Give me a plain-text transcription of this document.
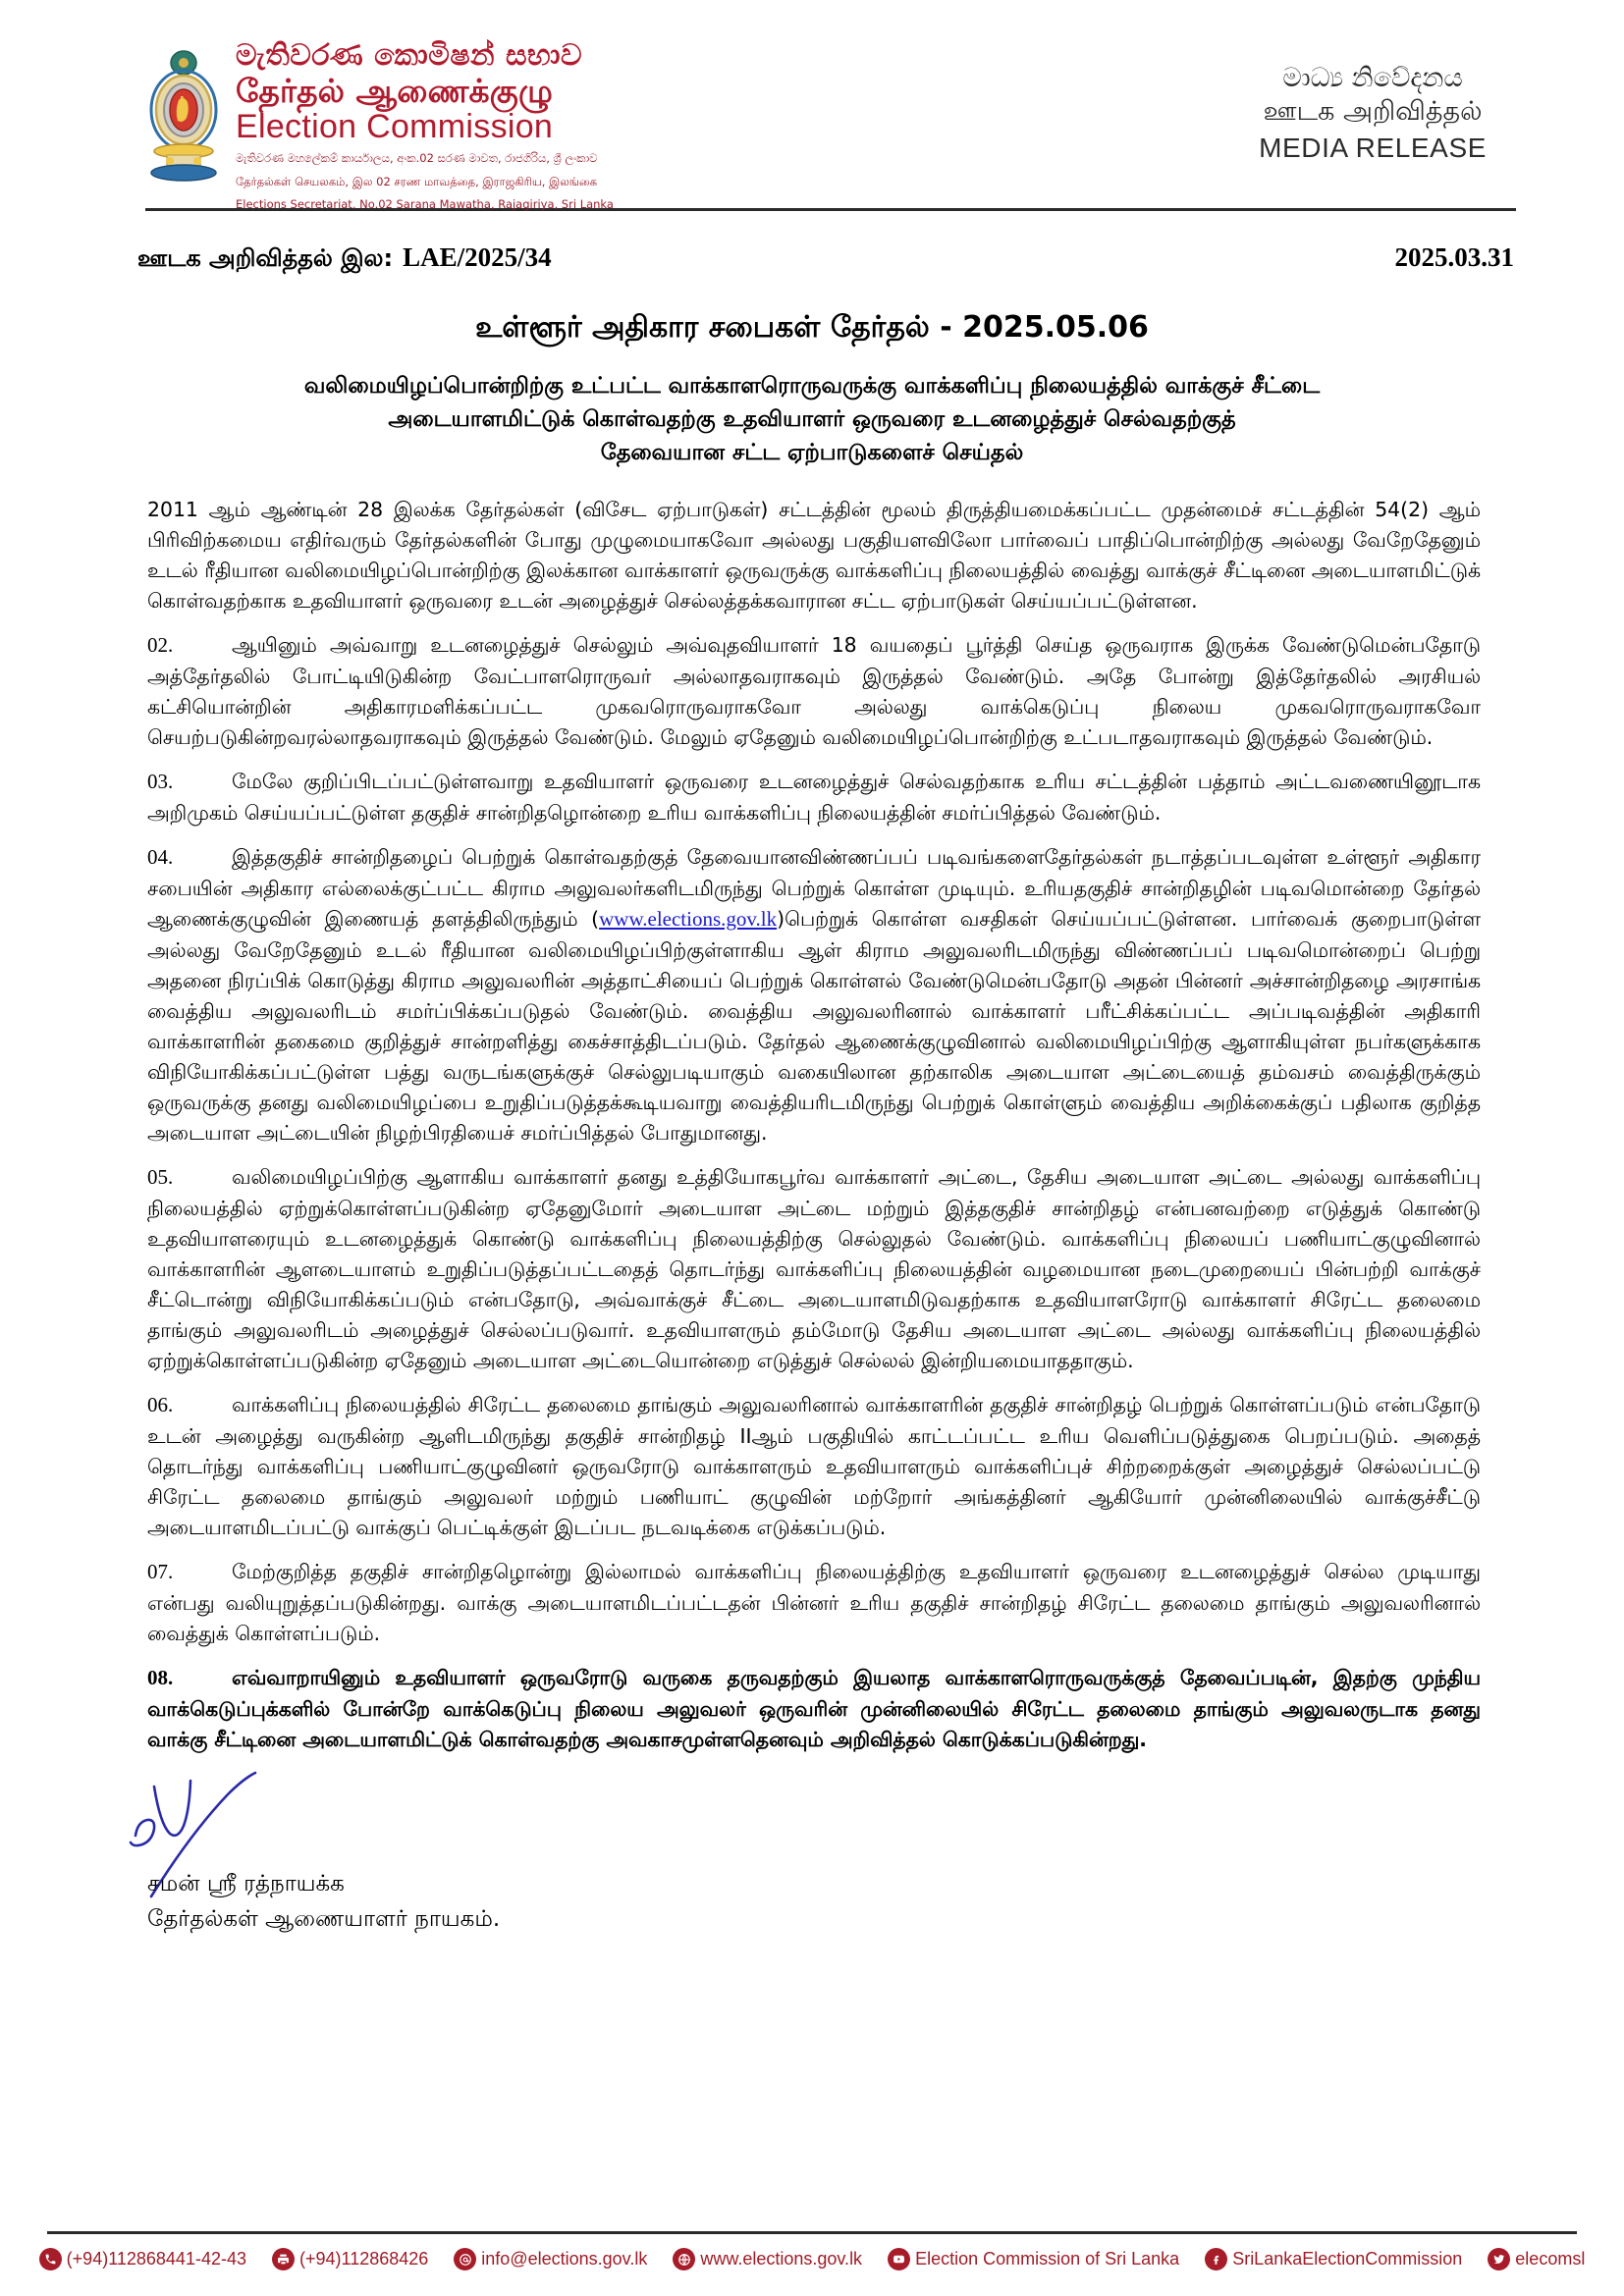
මැතිවරණ කොමිෂන් සභාව
தேர்தல் ஆணைக்குழு
Election Commission
මැතිවරණ මහලේකම් කාර්යාලය, අංක.02 සරණ මාවත, රාජගිරිය, ශ්‍රී ලංකාව
தேர்தல்கள் செயலகம், இல 02 சரண மாவத்தை, இராஜகிரிய, இலங்கை
Elections Secretariat, No.02 Sarana Mawatha, Rajagiriya, Sri Lanka
මාධ්‍ය නිවේදනය
ஊடக அறிவித்தல்
MEDIA RELEASE
ஊடக அறிவித்தல் இல: LAE/2025/34	2025.03.31
உள்ளூர் அதிகார சபைகள் தேர்தல் - 2025.05.06
வலிமையிழப்பொன்றிற்கு உட்பட்ட வாக்காளரொருவருக்கு வாக்களிப்பு நிலையத்தில் வாக்குச் சீட்டை
அடையாளமிட்டுக் கொள்வதற்கு உதவியாளர் ஒருவரை உடனழைத்துச் செல்வதற்குத்
தேவையான சட்ட ஏற்பாடுகளைச் செய்தல்

2011 ஆம் ஆண்டின் 28 இலக்க தேர்தல்கள் (விசேட ஏற்பாடுகள்) சட்டத்தின் மூலம் திருத்தியமைக்கப்பட்ட முதன்மைச் சட்டத்தின் 54(2) ஆம் பிரிவிற்கமைய எதிர்வரும் தேர்தல்களின் போது முழுமையாகவோ அல்லது பகுதியளவிலோ பார்வைப் பாதிப்பொன்றிற்கு அல்லது வேறேதேனும் உடல் ரீதியான வலிமையிழப்பொன்றிற்கு இலக்கான வாக்காளர் ஒருவருக்கு வாக்களிப்பு நிலையத்தில் வைத்து வாக்குச் சீட்டினை அடையாளமிட்டுக் கொள்வதற்காக உதவியாளர் ஒருவரை உடன் அழைத்துச் செல்லத்தக்கவாரான சட்ட ஏற்பாடுகள் செய்யப்பட்டுள்ளன.

02.	ஆயினும் அவ்வாறு உடனழைத்துச் செல்லும் அவ்வுதவியாளர் 18 வயதைப் பூர்த்தி செய்த ஒருவராக இருக்க வேண்டுமென்பதோடு அத்தேர்தலில் போட்டியிடுகின்ற வேட்பாளரொருவர் அல்லாதவராகவும் இருத்தல் வேண்டும். அதே போன்று இத்தேர்தலில் அரசியல் கட்சியொன்றின் அதிகாரமளிக்கப்பட்ட முகவரொருவராகவோ அல்லது வாக்கெடுப்பு நிலைய முகவரொருவராகவோ செயற்படுகின்றவரல்லாதவராகவும் இருத்தல் வேண்டும். மேலும் ஏதேனும் வலிமையிழப்பொன்றிற்கு உட்படாதவராகவும் இருத்தல் வேண்டும்.

03.	மேலே குறிப்பிடப்பட்டுள்ளவாறு உதவியாளர் ஒருவரை உடனழைத்துச் செல்வதற்காக உரிய சட்டத்தின் பத்தாம் அட்டவணையினூடாக அறிமுகம் செய்யப்பட்டுள்ள தகுதிச் சான்றிதழொன்றை உரிய வாக்களிப்பு நிலையத்தின் சமர்ப்பித்தல் வேண்டும்.

04.	இத்தகுதிச் சான்றிதழைப் பெற்றுக் கொள்வதற்குத் தேவையானவிண்ணப்பப் படிவங்களைதேர்தல்கள் நடாத்தப்படவுள்ள உள்ளூர் அதிகார சபையின் அதிகார எல்லைக்குட்பட்ட கிராம அலுவலர்களிடமிருந்து பெற்றுக் கொள்ள முடியும். உரியதகுதிச் சான்றிதழின் படிவமொன்றை தேர்தல் ஆணைக்குழுவின் இணையத் தளத்திலிருந்தும் (www.elections.gov.lk)பெற்றுக் கொள்ள வசதிகள் செய்யப்பட்டுள்ளன. பார்வைக் குறைபாடுள்ள அல்லது வேறேதேனும் உடல் ரீதியான வலிமையிழப்பிற்குள்ளாகிய ஆள் கிராம அலுவலரிடமிருந்து விண்ணப்பப் படிவமொன்றைப் பெற்று அதனை நிரப்பிக் கொடுத்து கிராம அலுவலரின் அத்தாட்சியைப் பெற்றுக் கொள்ளல் வேண்டுமென்பதோடு அதன் பின்னர் அச்சான்றிதழை அரசாங்க வைத்திய அலுவலரிடம் சமர்ப்பிக்கப்படுதல் வேண்டும். வைத்திய அலுவலரினால் வாக்காளர் பரீட்சிக்கப்பட்ட அப்படிவத்தின் அதிகாரி வாக்காளரின் தகைமை குறித்துச் சான்றளித்து கைச்சாத்திடப்படும். தேர்தல் ஆணைக்குழுவினால் வலிமையிழப்பிற்கு ஆளாகியுள்ள நபர்களுக்காக விநியோகிக்கப்பட்டுள்ள பத்து வருடங்களுக்குச் செல்லுபடியாகும் வகையிலான தற்காலிக அடையாள அட்டையைத் தம்வசம் வைத்திருக்கும் ஒருவருக்கு தனது வலிமையிழப்பை உறுதிப்படுத்தக்கூடியவாறு வைத்தியரிடமிருந்து பெற்றுக் கொள்ளும் வைத்திய அறிக்கைக்குப் பதிலாக குறித்த அடையாள அட்டையின் நிழற்பிரதியைச் சமர்ப்பித்தல் போதுமானது.

05.	வலிமையிழப்பிற்கு ஆளாகிய வாக்காளர் தனது உத்தியோகபூர்வ வாக்காளர் அட்டை, தேசிய அடையாள அட்டை அல்லது வாக்களிப்பு நிலையத்தில் ஏற்றுக்கொள்ளப்படுகின்ற ஏதேனுமோர் அடையாள அட்டை மற்றும் இத்தகுதிச் சான்றிதழ் என்பனவற்றை எடுத்துக் கொண்டு உதவியாளரையும் உடனழைத்துக் கொண்டு வாக்களிப்பு நிலையத்திற்கு செல்லுதல் வேண்டும். வாக்களிப்பு நிலையப் பணியாட்குழுவினால் வாக்காளரின் ஆளடையாளம் உறுதிப்படுத்தப்பட்டதைத் தொடர்ந்து வாக்களிப்பு நிலையத்தின் வழமையான நடைமுறையைப் பின்பற்றி வாக்குச் சீட்டொன்று விநியோகிக்கப்படும் என்பதோடு, அவ்வாக்குச் சீட்டை அடையாளமிடுவதற்காக உதவியாளரோடு வாக்காளர் சிரேட்ட தலைமை தாங்கும் அலுவலரிடம் அழைத்துச் செல்லப்படுவார். உதவியாளரும் தம்மோடு தேசிய அடையாள அட்டை அல்லது வாக்களிப்பு நிலையத்தில் ஏற்றுக்கொள்ளப்படுகின்ற ஏதேனும் அடையாள அட்டையொன்றை எடுத்துச் செல்லல் இன்றியமையாததாகும்.

06.	வாக்களிப்பு நிலையத்தில் சிரேட்ட தலைமை தாங்கும் அலுவலரினால் வாக்காளரின் தகுதிச் சான்றிதழ் பெற்றுக் கொள்ளப்படும் என்பதோடு உடன் அழைத்து வருகின்ற ஆளிடமிருந்து தகுதிச் சான்றிதழ் IIஆம் பகுதியில் காட்டப்பட்ட உரிய வெளிப்படுத்துகை பெறப்படும். அதைத் தொடர்ந்து வாக்களிப்பு பணியாட்குழுவினர் ஒருவரோடு வாக்காளரும் உதவியாளரும் வாக்களிப்புச் சிற்றறைக்குள் அழைத்துச் செல்லப்பட்டு சிரேட்ட தலைமை தாங்கும் அலுவலர் மற்றும் பணியாட் குழுவின் மற்றோர் அங்கத்தினர் ஆகியோர் முன்னிலையில் வாக்குச்சீட்டு அடையாளமிடப்பட்டு வாக்குப் பெட்டிக்குள் இடப்பட நடவடிக்கை எடுக்கப்படும்.

07.	மேற்குறித்த தகுதிச் சான்றிதழொன்று இல்லாமல் வாக்களிப்பு நிலையத்திற்கு உதவியாளர் ஒருவரை உடனழைத்துச் செல்ல முடியாது என்பது வலியுறுத்தப்படுகின்றது. வாக்கு அடையாளமிடப்பட்டதன் பின்னர் உரிய தகுதிச் சான்றிதழ் சிரேட்ட தலைமை தாங்கும் அலுவலரினால் வைத்துக் கொள்ளப்படும்.

08.	எவ்வாறாயினும் உதவியாளர் ஒருவரோடு வருகை தருவதற்கும் இயலாத வாக்காளரொருவருக்குத் தேவைப்படின், இதற்கு முந்திய வாக்கெடுப்புக்களில் போன்றே வாக்கெடுப்பு நிலைய அலுவலர் ஒருவரின் முன்னிலையில் சிரேட்ட தலைமை தாங்கும் அலுவலருடாக தனது வாக்கு சீட்டினை அடையாளமிட்டுக் கொள்வதற்கு அவகாசமுள்ளதெனவும் அறிவித்தல் கொடுக்கப்படுகின்றது.

சமன் ஸ்ரீ ரத்நாயக்க
தேர்தல்கள் ஆணையாளர் நாயகம்.
(+94)112868441-42-43	(+94)112868426	info@elections.gov.lk	www.elections.gov.lk	Election Commission of Sri Lanka	SriLankaElectionCommission	elecomsl
